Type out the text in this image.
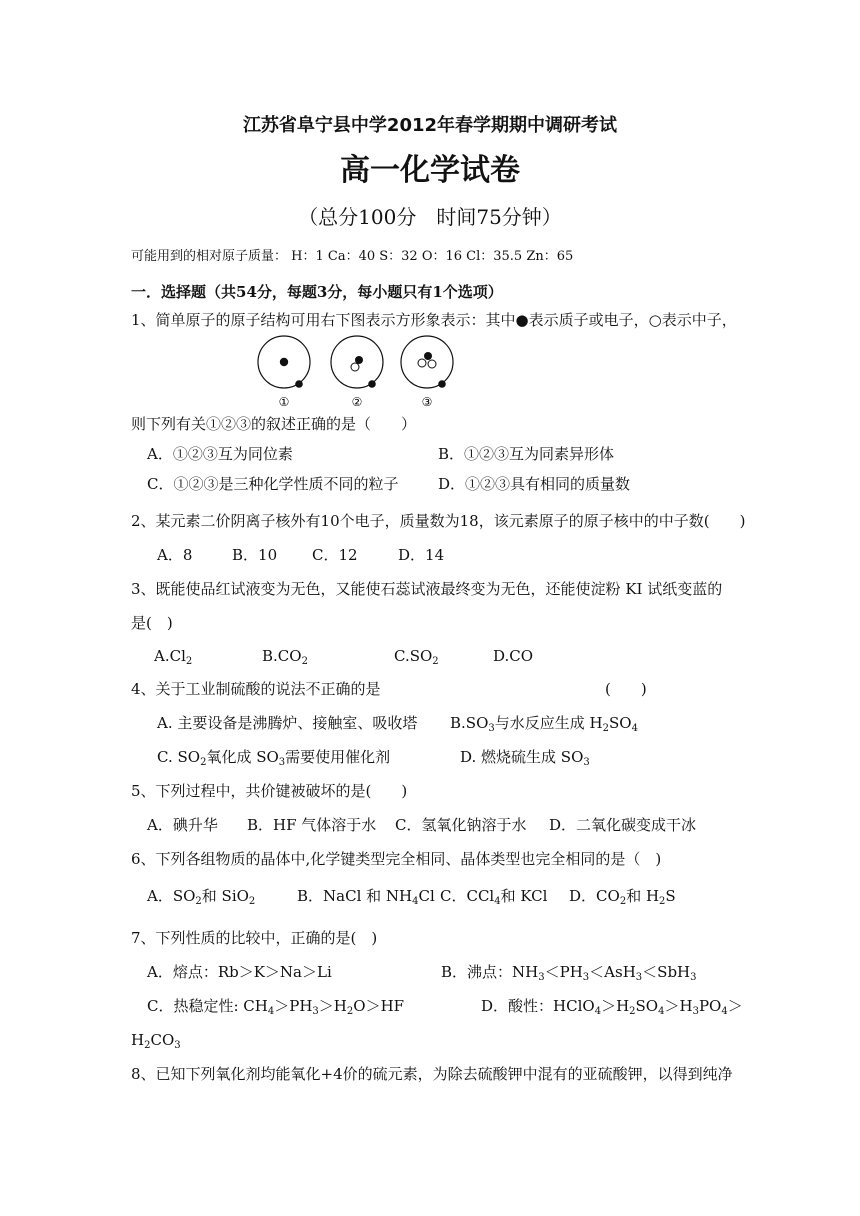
江苏省阜宁县中学2012年春学期期中调研考试
高一化学试卷
（总分100分　时间75分钟）
可能用到的相对原子质量： H：1 Ca：40 S：32 O：16 Cl：35.5 Zn：65
一．选择题（共54分，每题3分，每小题只有1个选项）
1、简单原子的原子结构可用右下图表示方形象表示：其中●表示质子或电子，○表示中子，
①	②	③
则下列有关①②③的叙述正确的是（　　）
A．①②③互为同位素	B．①②③互为同素异形体
C．①②③是三种化学性质不同的粒子	D．①②③具有相同的质量数
2、某元素二价阴离子核外有10个电子，质量数为18，该元素原子的原子核中的中子数(　　)
A．8	B．10 C．12	D．14
3、既能使品红试液变为无色，又能使石蕊试液最终变为无色，还能使淀粉 KI 试纸变蓝的
是(　)
$A.Cl_2$	$B.CO_2$	$C.SO_2$	D.CO
4、关于工业制硫酸的说法不正确的是	(　　)
A. 主要设备是沸腾炉、接触室、吸收塔 $B.SO_3$与水反应生成 $H_2SO_4$
C. $SO_2$氧化成 $SO_3$需要使用催化剂	D. 燃烧硫生成 $SO_3$
5、下列过程中，共价键被破坏的是(　　)
A．碘升华 B．HF 气体溶于水 C．氢氧化钠溶于水 D．二氧化碳变成干冰
6、下列各组物质的晶体中,化学键类型完全相同、晶体类型也完全相同的是（　)
A．$SO_2$和 SiO$_2$	B．NaCl 和 $NH_4Cl$ C．CCl$_4$和 KCl D．$CO_2$和 $H_2S$
7、下列性质的比较中，正确的是(　)
A．熔点：Rb＞K＞Na＞Li	B．沸点：$NH_3<PH_3<AsH_3<SbH_3$
C．热稳定性: $CH_4>PH_3>H_2O>HF$	D．酸性：$HClO_4>H_2SO_4>H_3PO_4>$
$H_2CO_3$
8、已知下列氧化剂均能氧化+4价的硫元素，为除去硫酸钾中混有的亚硫酸钾，以得到纯净
